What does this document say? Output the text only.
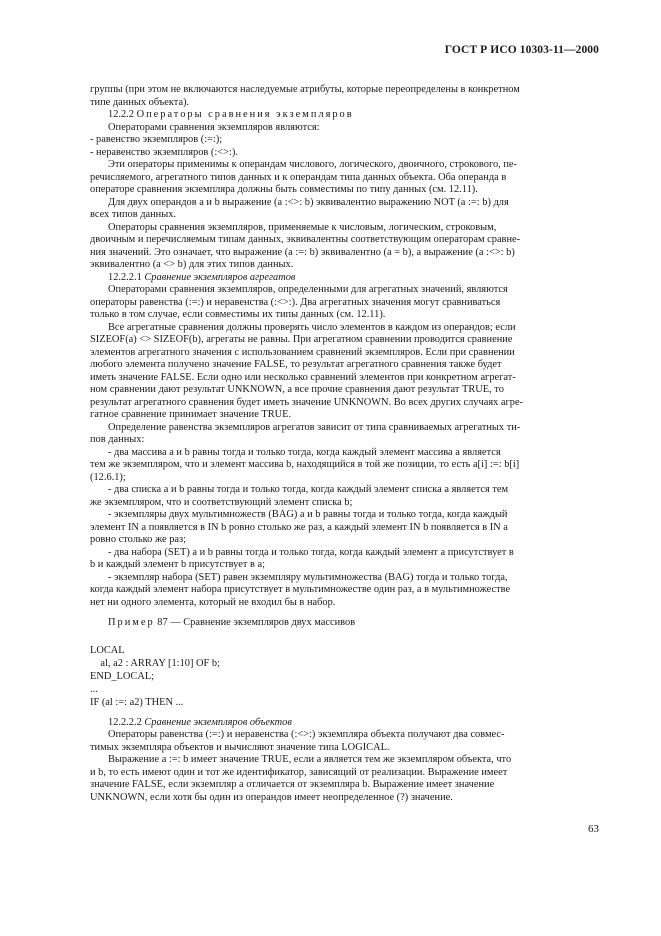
ГОСТ Р ИСО 10303-11—2000

группы (при этом не включаются наследуемые атрибуты, которые переопределены в конкретном
типе данных объекта).

12.2.2 Операторы сравнения экземпляров

Операторами сравнения экземпляров являются:

- равенство экземпляров (:=:);

- неравенство экземпляров (:<>:).

Эти операторы применимы к операндам числового, логического, двоичного, строкового, пе-
речисляемого, агрегатного типов данных и к операндам типа данных объекта. Оба операнда в
операторе сравнения экземпляра должны быть совместимы по типу данных (см. 12.11).

Для двух операндов a и b выражение (a :<>: b) эквивалентно выражению NOT (a :=: b) для
всех типов данных.

Операторы сравнения экземпляров, применяемые к числовым, логическим, строковым,
двоичным и перечисляемым типам данных, эквивалентны соответствующим операторам сравне-
ния значений. Это означает, что выражение (a :=: b) эквивалентно (a = b), а выражение (a :<>: b)
эквивалентно (a <> b) для этих типов данных.

12.2.2.1 Сравнение экземпляров агрегатов

Операторами сравнения экземпляров, определенными для агрегатных значений, являются
операторы равенства (:=:) и неравенства (:<>:). Два агрегатных значения могут сравниваться
только в том случае, если совместимы их типы данных (см. 12.11).

Все агрегатные сравнения должны проверять число элементов в каждом из операндов; если
SIZEOF(a) <> SIZEOF(b), агрегаты не равны. При агрегатном сравнении проводится сравнение
элементов агрегатного значения с использованием сравнений экземпляров. Если при сравнении
любого элемента получено значение FALSE, то результат агрегатного сравнения также будет
иметь значение FALSE. Если одно или несколько сравнений элементов при конкретном агрегат-
ном сравнении дают результат UNKNOWN, а все прочие сравнения дают результат TRUE, то
результат агрегатного сравнения будет иметь значение UNKNOWN. Во всех других случаях агре-
гатное сравнение принимает значение TRUE.

Определение равенства экземпляров агрегатов зависит от типа сравниваемых агрегатных ти-
пов данных:

- два массива a и b равны тогда и только тогда, когда каждый элемент массива a является
тем же экземпляром, что и элемент массива b, находящийся в той же позиции, то есть a[i] :=: b[i]
(12.6.1);

- два списка a и b равны тогда и только тогда, когда каждый элемент списка a является тем
же экземпляром, что и соответствующий элемент списка b;

- экземпляры двух мультимножеств (BAG) a и b равны тогда и только тогда, когда каждый
элемент IN a появляется в IN b ровно столько же раз, а каждый элемент IN b появляется в IN a
ровно столько же раз;

- два набора (SET) a и b равны тогда и только тогда, когда каждый элемент a присутствует в
b и каждый элемент b присутствует в a;

- экземпляр набора (SET) равен экземпляру мультимножества (BAG) тогда и только тогда,
когда каждый элемент набора присутствует в мультимножестве один раз, а в мультимножестве
нет ни одного элемента, который не входил бы в набор.

Пример 87 — Сравнение экземпляров двух массивов

LOCAL

al, a2 : ARRAY [1:10] OF b;

END_LOCAL;

...

IF (al :=: a2) THEN ...

12.2.2.2 Сравнение экземпляров объектов

Операторы равенства (:=:) и неравенства (:<>:) экземпляра объекта получают два совмес-
тимых экземпляра объектов и вычисляют значение типа LOGICAL.

Выражение a :=: b имеет значение TRUE, если a является тем же экземпляром объекта, что
и b, то есть имеют один и тот же идентификатор, зависящий от реализации. Выражение имеет
значение FALSE, если экземпляр a отличается от экземпляра b. Выражение имеет значение
UNKNOWN, если хотя бы один из операндов имеет неопределенное (?) значение.

63
